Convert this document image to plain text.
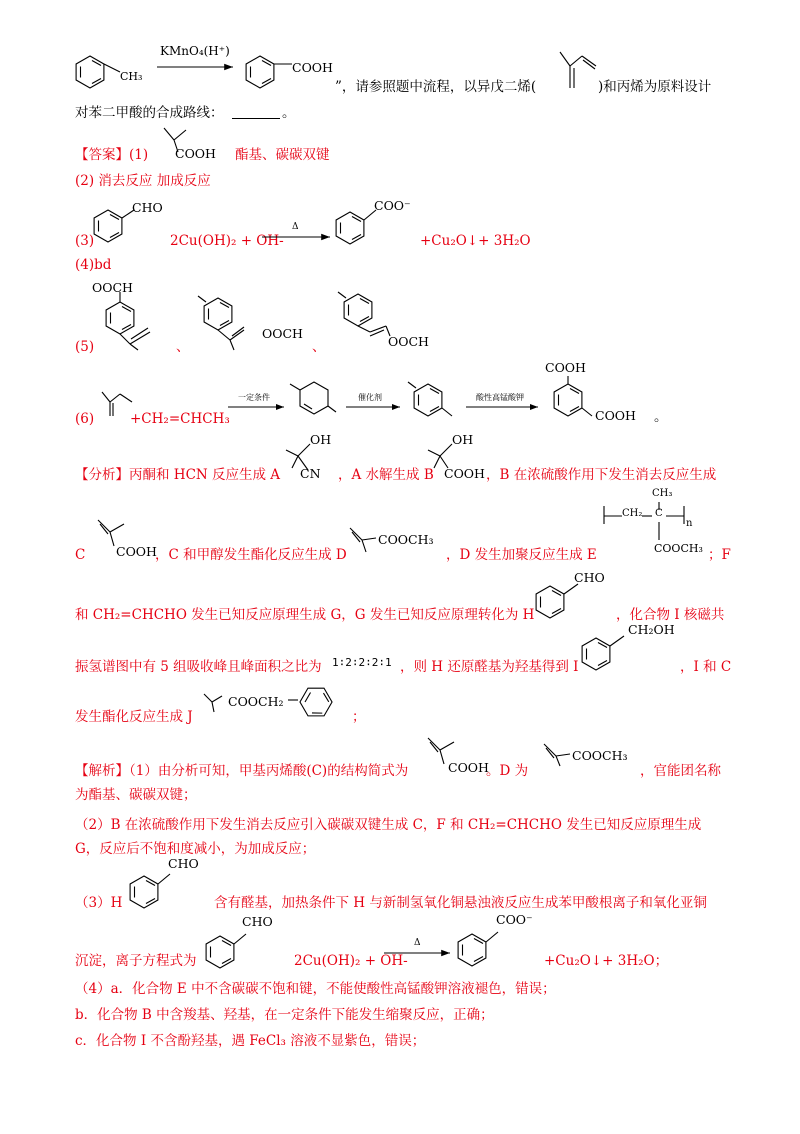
CH₃
KMnO₄(H⁺)
COOH
”，请参照题中流程，以异戊二烯(	)和丙烯为原料设计
对苯二甲酸的合成路线：	。
【答案】(1) COOH 酯基、碳碳双键
(2) 消去反应 加成反应
(3)
CHO
2Cu(OH)₂ + OH-
Δ
COO⁻
+Cu₂O↓+ 3H₂O
(4)bd
(5)
OOCH
、
OOCH
、	OOCH
(6)	+CH₂=CHCH₃
一定条件	催化剂	酸性高锰酸钾
COOH
COOH 。
【分析】丙酮和 HCN 反应生成 A
OH
CN ，A 水解生成 B
OH
COOH ，B 在浓硫酸作用下发生消去反应生成
C COOH
，C 和甲醇发生酯化反应生成 D
COOCH₃
，D 发生加聚反应生成 E
CH₃
CH₂ C
n
COOCH₃ ；F
和 CH₂=CHCHO 发生已知反应原理生成 G，G 发生已知反应原理转化为 H
CHO
，化合物 I 核磁共
振氢谱图中有 5 组吸收峰且峰面积之比为 1∶2∶2∶2∶1 ，则 H 还原醛基为羟基得到 I
CH₂OH
，I 和 C
发生酯化反应生成 J
COOCH₂
；
【解析】（1）由分析可知，甲基丙烯酸(C)的结构简式为	COOH
。D 为
COOCH₃
，官能团名称
为酯基、碳碳双键；
（2）B 在浓硫酸作用下发生消去反应引入碳碳双键生成 C，F 和 CH₂=CHCHO 发生已知反应原理生成
G，反应后不饱和度减小，为加成反应；
（3）H
CHO
含有醛基，加热条件下 H 与新制氢氧化铜悬浊液反应生成苯甲酸根离子和氧化亚铜
沉淀，离子方程式为
CHO
2Cu(OH)₂ + OH-
Δ
COO⁻
+Cu₂O↓+ 3H₂O；
（4）a．化合物 E 中不含碳碳不饱和键，不能使酸性高锰酸钾溶液褪色，错误；
b．化合物 B 中含羧基、羟基，在一定条件下能发生缩聚反应，正确；
c．化合物 I 不含酚羟基，遇 FeCl₃ 溶液不显紫色，错误；
